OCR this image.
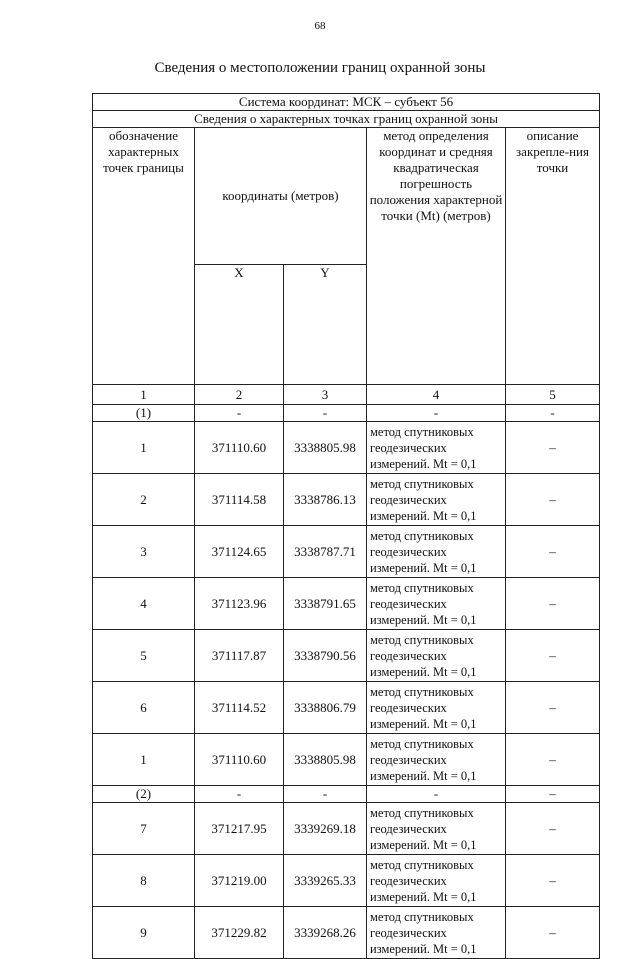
68
Сведения о местоположении границ охранной зоны
Система координат: МСК – субъект 56				
Сведения о характерных точках границ охранной зоны				
обозначение характерных точек границы	координаты (метров)		метод определения координат и средняя квадратическая погрешность положения характерной точки (Mt) (метров)	описание закрепле-ния точки
	X	Y		
1	2	3	4	5
(1)	-	-	-	-
1	371110.60	3338805.98	метод спутниковых геодезических измерений. Mt = 0,1	–
2	371114.58	3338786.13	метод спутниковых геодезических измерений. Mt = 0,1	–
3	371124.65	3338787.71	метод спутниковых геодезических измерений. Mt = 0,1	–
4	371123.96	3338791.65	метод спутниковых геодезических измерений. Mt = 0,1	–
5	371117.87	3338790.56	метод спутниковых геодезических измерений. Mt = 0,1	–
6	371114.52	3338806.79	метод спутниковых геодезических измерений. Mt = 0,1	–
1	371110.60	3338805.98	метод спутниковых геодезических измерений. Mt = 0,1	–
(2)	-	-	-	–
7	371217.95	3339269.18	метод спутниковых геодезических измерений. Mt = 0,1	–
8	371219.00	3339265.33	метод спутниковых геодезических измерений. Mt = 0,1	–
9	371229.82	3339268.26	метод спутниковых геодезических измерений. Mt = 0,1	–
